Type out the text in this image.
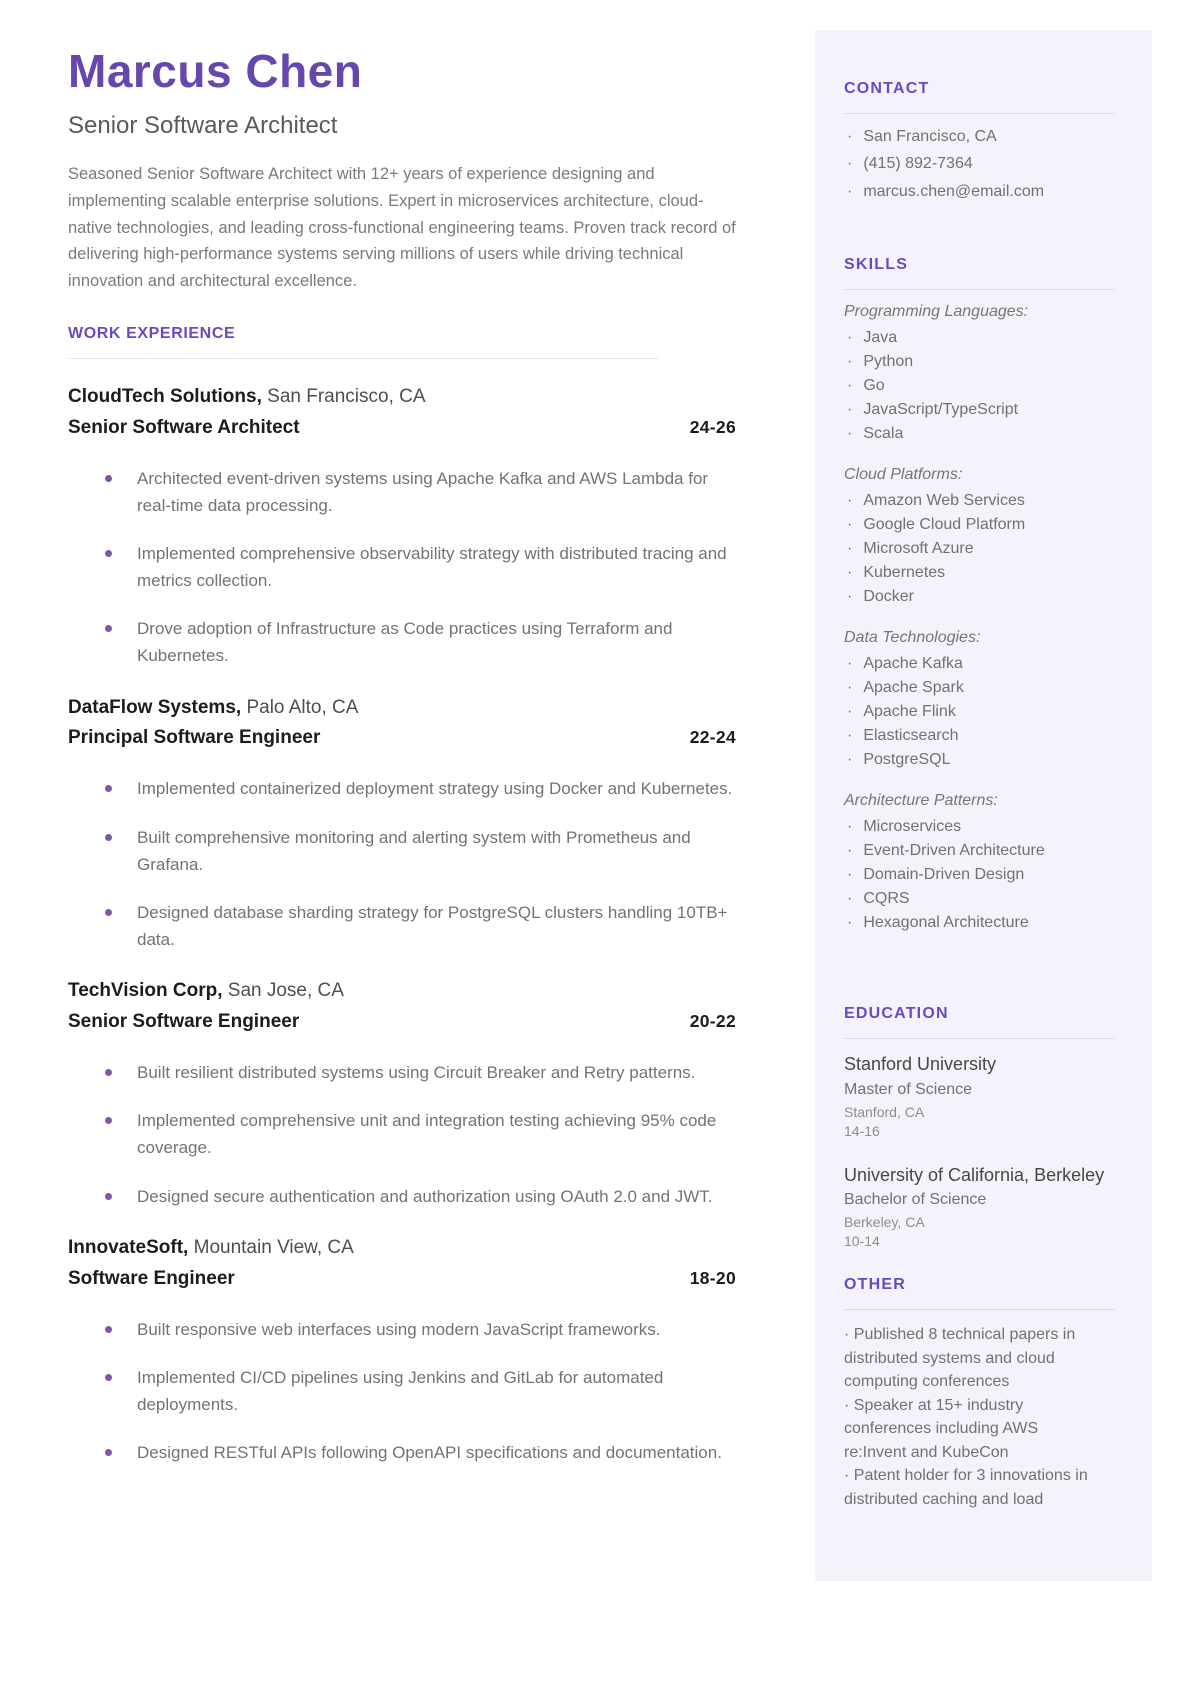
Marcus Chen
Senior Software Architect

Seasoned Senior Software Architect with 12+ years of experience designing and implementing scalable enterprise solutions. Expert in microservices architecture, cloud-native technologies, and leading cross-functional engineering teams. Proven track record of delivering high-performance systems serving millions of users while driving technical innovation and architectural excellence.

WORK EXPERIENCE
CloudTech Solutions, San Francisco, CA
Senior Software Architect	24-26
Architected event-driven systems using Apache Kafka and AWS Lambda for real-time data processing.
Implemented comprehensive observability strategy with distributed tracing and metrics collection.
Drove adoption of Infrastructure as Code practices using Terraform and Kubernetes.
DataFlow Systems, Palo Alto, CA
Principal Software Engineer	22-24
Implemented containerized deployment strategy using Docker and Kubernetes.
Built comprehensive monitoring and alerting system with Prometheus and Grafana.
Designed database sharding strategy for PostgreSQL clusters handling 10TB+ data.
TechVision Corp, San Jose, CA
Senior Software Engineer	20-22
Built resilient distributed systems using Circuit Breaker and Retry patterns.
Implemented comprehensive unit and integration testing achieving 95% code coverage.
Designed secure authentication and authorization using OAuth 2.0 and JWT.
InnovateSoft, Mountain View, CA
Software Engineer	18-20
Built responsive web interfaces using modern JavaScript frameworks.
Implemented CI/CD pipelines using Jenkins and GitLab for automated deployments.
Designed RESTful APIs following OpenAPI specifications and documentation.
CONTACT
· San Francisco, CA
· (415) 892-7364
· marcus.chen@email.com
SKILLS

Programming Languages:

· Java
· Python
· Go
· JavaScript/TypeScript
· Scala

Cloud Platforms:

· Amazon Web Services
· Google Cloud Platform
· Microsoft Azure
· Kubernetes
· Docker

Data Technologies:

· Apache Kafka
· Apache Spark
· Apache Flink
· Elasticsearch
· PostgreSQL

Architecture Patterns:

· Microservices
· Event-Driven Architecture
· Domain-Driven Design
· CQRS
· Hexagonal Architecture
EDUCATION
Stanford University
Master of Science
Stanford, CA
14-16
University of California, Berkeley
Bachelor of Science
Berkeley, CA
10-14
OTHER

· Published 8 technical papers in distributed systems and cloud computing conferences

· Speaker at 15+ industry conferences including AWS re:Invent and KubeCon

· Patent holder for 3 innovations in distributed caching and load
